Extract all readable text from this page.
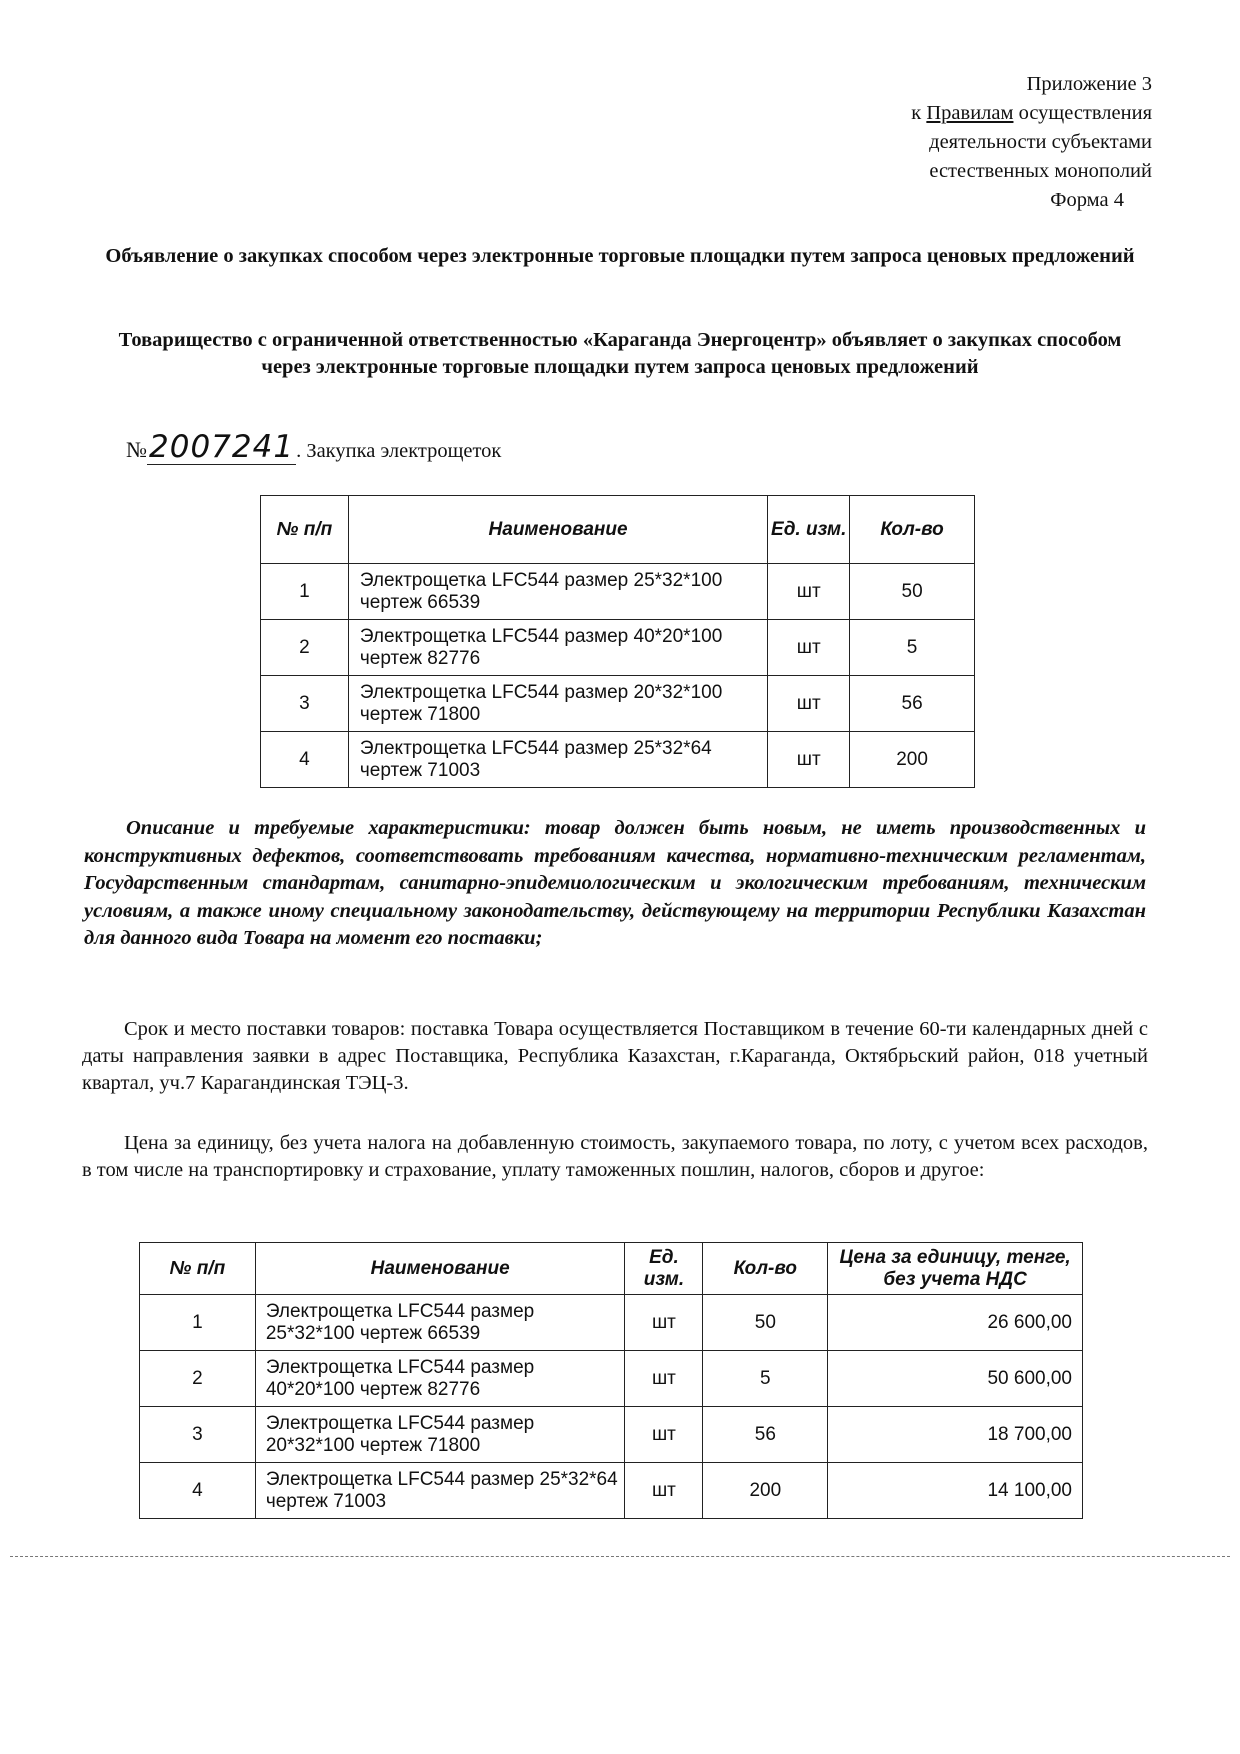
Приложение 3
к Правилам осуществления
деятельности субъектами
естественных монополий
Форма 4
Объявление о закупках способом через электронные торговые площадки путем запроса ценовых предложений
Товарищество с ограниченной ответственностью «Караганда Энергоцентр» объявляет о закупках способом через электронные торговые площадки путем запроса ценовых предложений
№ 2007241 . Закупка электрощеток
№ п/п	Наименование	Ед. изм.	Кол-во
1	Электрощетка LFC544 размер 25*32*100 чертеж 66539	шт	50
2	Электрощетка LFC544 размер 40*20*100 чертеж 82776	шт	5
3	Электрощетка LFC544 размер 20*32*100 чертеж 71800	шт	56
4	Электрощетка LFC544 размер 25*32*64 чертеж 71003	шт	200
Описание и требуемые характеристики: товар должен быть новым, не иметь производственных и конструктивных дефектов, соответствовать требованиям качества, нормативно-техническим регламентам, Государственным стандартам, санитарно-эпидемиологическим и экологическим требованиям, техническим условиям, а также иному специальному законодательству, действующему на территории Республики Казахстан для данного вида Товара на момент его поставки;
Срок и место поставки товаров: поставка Товара осуществляется Поставщиком в течение 60-ти календарных дней с даты направления заявки в адрес Поставщика, Республика Казахстан, г.Караганда, Октябрьский район, 018 учетный квартал, уч.7 Карагандинская ТЭЦ-3.
Цена за единицу, без учета налога на добавленную стоимость, закупаемого товара, по лоту, с учетом всех расходов, в том числе на транспортировку и страхование, уплату таможенных пошлин, налогов, сборов и другое:
№ п/п	Наименование	Ед. изм.	Кол-во	Цена за единицу, тенге, без учета НДС
1	Электрощетка LFC544 размер 25*32*100 чертеж 66539	шт	50	26 600,00
2	Электрощетка LFC544 размер 40*20*100 чертеж 82776	шт	5	50 600,00
3	Электрощетка LFC544 размер 20*32*100 чертеж 71800	шт	56	18 700,00
4	Электрощетка LFC544 размер 25*32*64 чертеж 71003	шт	200	14 100,00
